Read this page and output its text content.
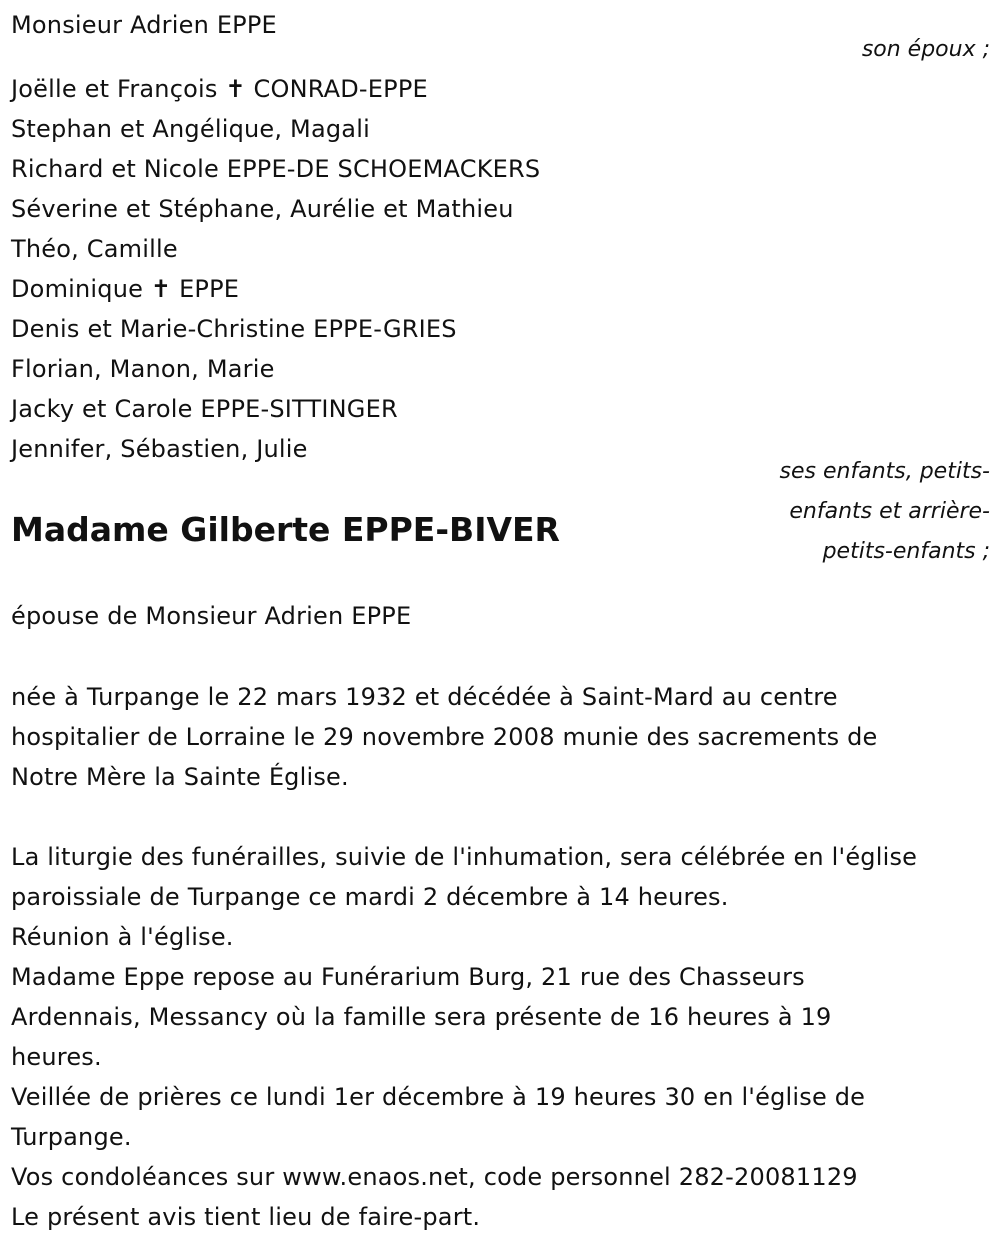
Monsieur Adrien EPPE
son époux ;
Joëlle et François ✝ CONRAD-EPPE
Stephan et Angélique, Magali
Richard et Nicole EPPE-DE SCHOEMACKERS
Séverine et Stéphane, Aurélie et Mathieu
Théo, Camille
Dominique ✝ EPPE
Denis et Marie-Christine EPPE-GRIES
Florian, Manon, Marie
Jacky et Carole EPPE-SITTINGER
Jennifer, Sébastien, Julie
ses enfants, petits-
enfants et arrière-
petits-enfants ;
Madame Gilberte EPPE-BIVER
épouse de Monsieur Adrien EPPE
née à Turpange le 22 mars 1932 et décédée à Saint-Mard au centre
hospitalier de Lorraine le 29 novembre 2008 munie des sacrements de
Notre Mère la Sainte Église.
La liturgie des funérailles, suivie de l'inhumation, sera célébrée en l'église
paroissiale de Turpange ce mardi 2 décembre à 14 heures.
Réunion à l'église.
Madame Eppe repose au Funérarium Burg, 21 rue des Chasseurs
Ardennais, Messancy où la famille sera présente de 16 heures à 19
heures.
Veillée de prières ce lundi 1er décembre à 19 heures 30 en l'église de
Turpange.
Vos condoléances sur www.enaos.net, code personnel 282-20081129
Le présent avis tient lieu de faire-part.
